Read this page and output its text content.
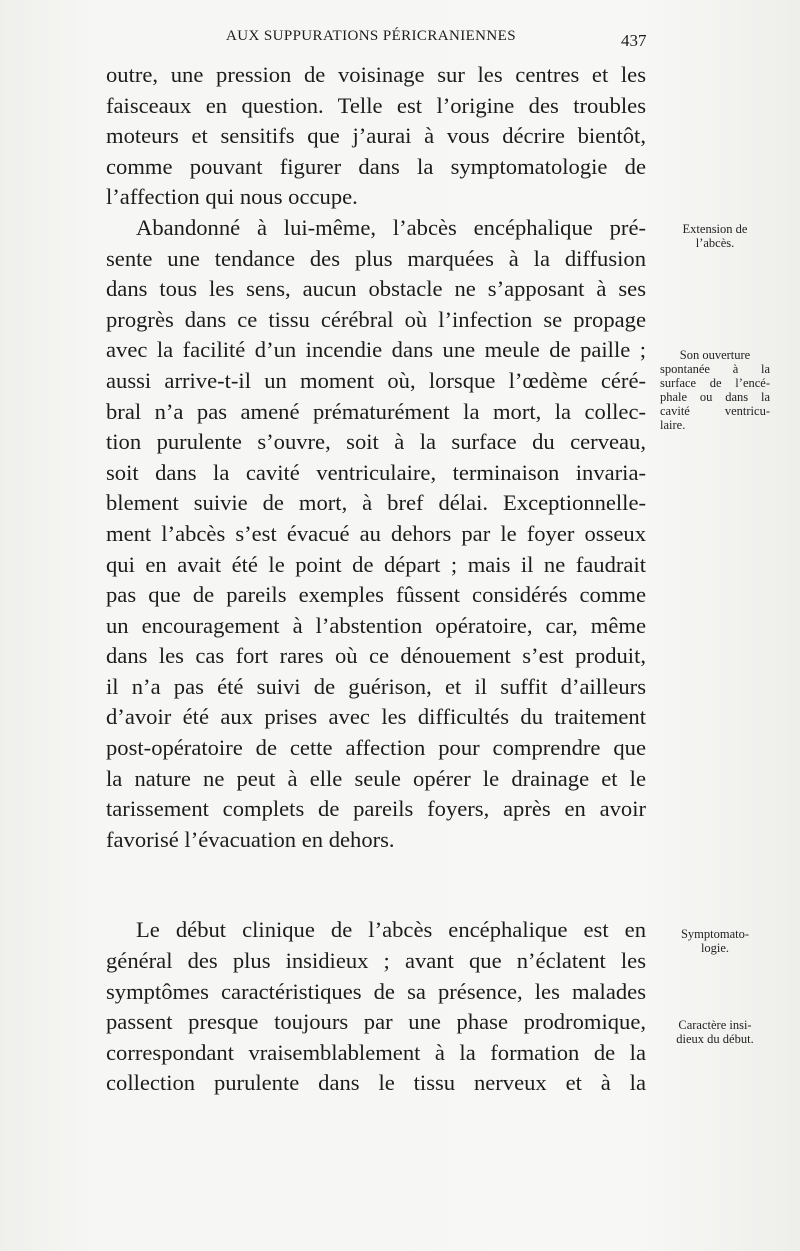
AUX SUPPURATIONS PÉRICRANIENNES	437
outre, une pression de voisinage sur les centres et les
faisceaux en question. Telle est l’origine des troubles
moteurs et sensitifs que j’aurai à vous décrire bientôt,
comme pouvant figurer dans la symptomatologie de
l’affection qui nous occupe.
Abandonné à lui-même, l’abcès encéphalique pré-
sente une tendance des plus marquées à la diffusion
dans tous les sens, aucun obstacle ne s’apposant à ses
progrès dans ce tissu cérébral où l’infection se propage
avec la facilité d’un incendie dans une meule de paille ;
aussi arrive-t-il un moment où, lorsque l’œdème céré-
bral n’a pas amené prématurément la mort, la collec-
tion purulente s’ouvre, soit à la surface du cerveau,
soit dans la cavité ventriculaire, terminaison invaria-
blement suivie de mort, à bref délai. Exceptionnelle-
ment l’abcès s’est évacué au dehors par le foyer osseux
qui en avait été le point de départ ; mais il ne faudrait
pas que de pareils exemples fûssent considérés comme
un encouragement à l’abstention opératoire, car, même
dans les cas fort rares où ce dénouement s’est produit,
il n’a pas été suivi de guérison, et il suffit d’ailleurs
d’avoir été aux prises avec les difficultés du traitement
post-opératoire de cette affection pour comprendre que
la nature ne peut à elle seule opérer le drainage et le
tarissement complets de pareils foyers, après en avoir
favorisé l’évacuation en dehors.
Le début clinique de l’abcès encéphalique est en
général des plus insidieux ; avant que n’éclatent les
symptômes caractéristiques de sa présence, les malades
passent presque toujours par une phase prodromique,
correspondant vraisemblablement à la formation de la
collection purulente dans le tissu nerveux et à la
Extension de
l’abcès.
Son ouverture
spontanée à la
surface de l’encé-
phale ou dans la
cavité ventricu-
laire.
Symptomato-
logie.
Caractère insi-
dieux du début.
